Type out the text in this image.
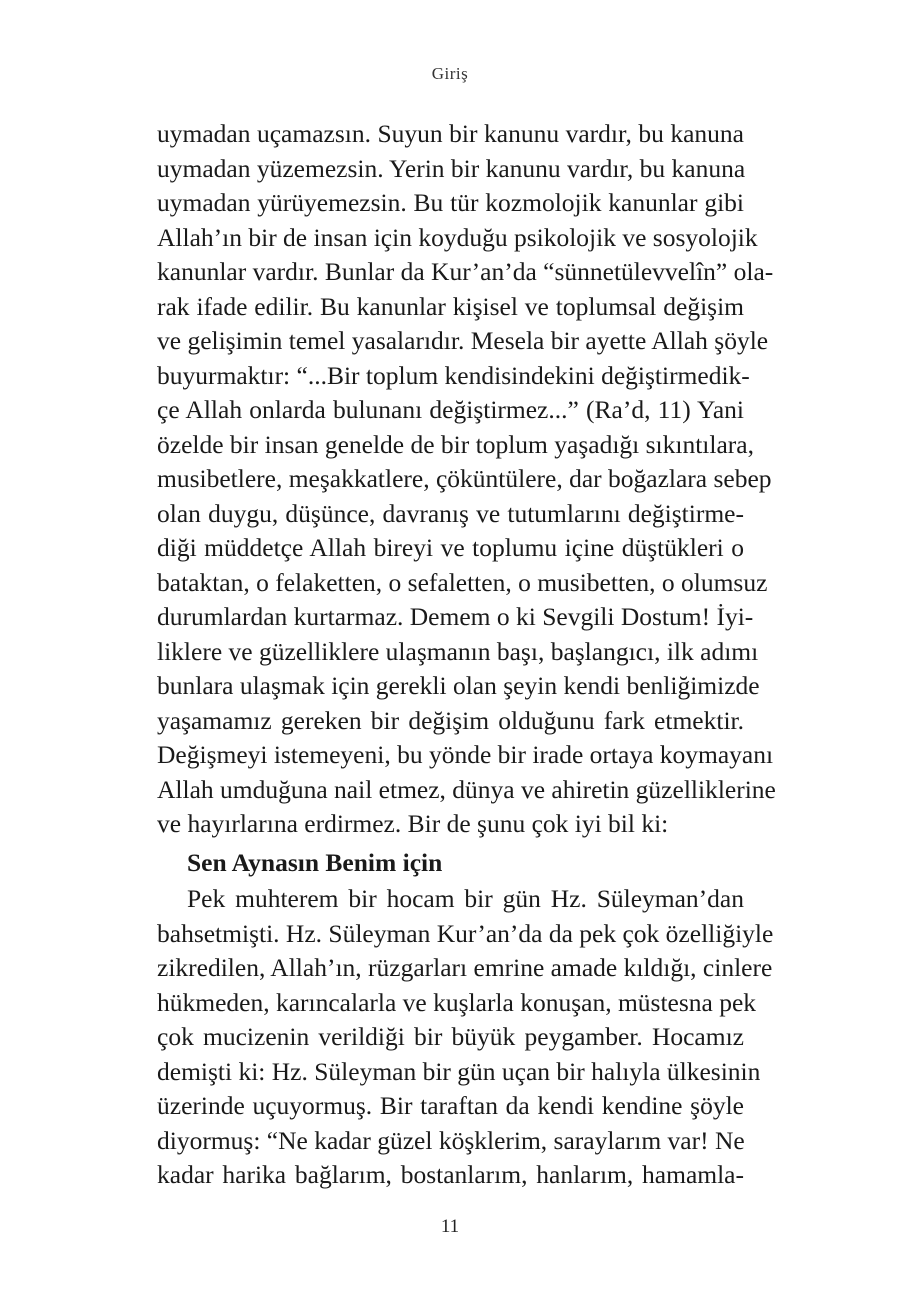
Giriş
uymadan uçamazsın. Suyun bir kanunu vardır, bu kanuna
uymadan yüzemezsin. Yerin bir kanunu vardır, bu kanuna
uymadan yürüyemezsin. Bu tür kozmolojik kanunlar gibi
Allah’ın bir de insan için koyduğu psikolojik ve sosyolojik
kanunlar vardır. Bunlar da Kur’an’da “sünnetülevvelîn” ola-
rak ifade edilir. Bu kanunlar kişisel ve toplumsal değişim
ve gelişimin temel yasalarıdır. Mesela bir ayette Allah şöyle
buyurmaktır: “...Bir toplum kendisindekini değiştirmedik-
çe Allah onlarda bulunanı değiştirmez...” (Ra’d, 11) Yani
özelde bir insan genelde de bir toplum yaşadığı sıkıntılara,
musibetlere, meşakkatlere, çöküntülere, dar boğazlara sebep
olan duygu, düşünce, davranış ve tutumlarını değiştirme-
diği müddetçe Allah bireyi ve toplumu içine düştükleri o
bataktan, o felaketten, o sefaletten, o musibetten, o olumsuz
durumlardan kurtarmaz. Demem o ki Sevgili Dostum! İyi-
liklere ve güzelliklere ulaşmanın başı, başlangıcı, ilk adımı
bunlara ulaşmak için gerekli olan şeyin kendi benliğimizde
yaşamamız gereken bir değişim olduğunu fark etmektir.
Değişmeyi istemeyeni, bu yönde bir irade ortaya koymayanı
Allah umduğuna nail etmez, dünya ve ahiretin güzelliklerine
ve hayırlarına erdirmez. Bir de şunu çok iyi bil ki:
Sen Aynasın Benim için
Pek muhterem bir hocam bir gün Hz. Süleyman’dan
bahsetmişti. Hz. Süleyman Kur’an’da da pek çok özelliğiyle
zikredilen, Allah’ın, rüzgarları emrine amade kıldığı, cinlere
hükmeden, karıncalarla ve kuşlarla konuşan, müstesna pek
çok mucizenin verildiği bir büyük peygamber. Hocamız
demişti ki: Hz. Süleyman bir gün uçan bir halıyla ülkesinin
üzerinde uçuyormuş. Bir taraftan da kendi kendine şöyle
diyormuş: “Ne kadar güzel köşklerim, saraylarım var! Ne
kadar harika bağlarım, bostanlarım, hanlarım, hamamla-
11
